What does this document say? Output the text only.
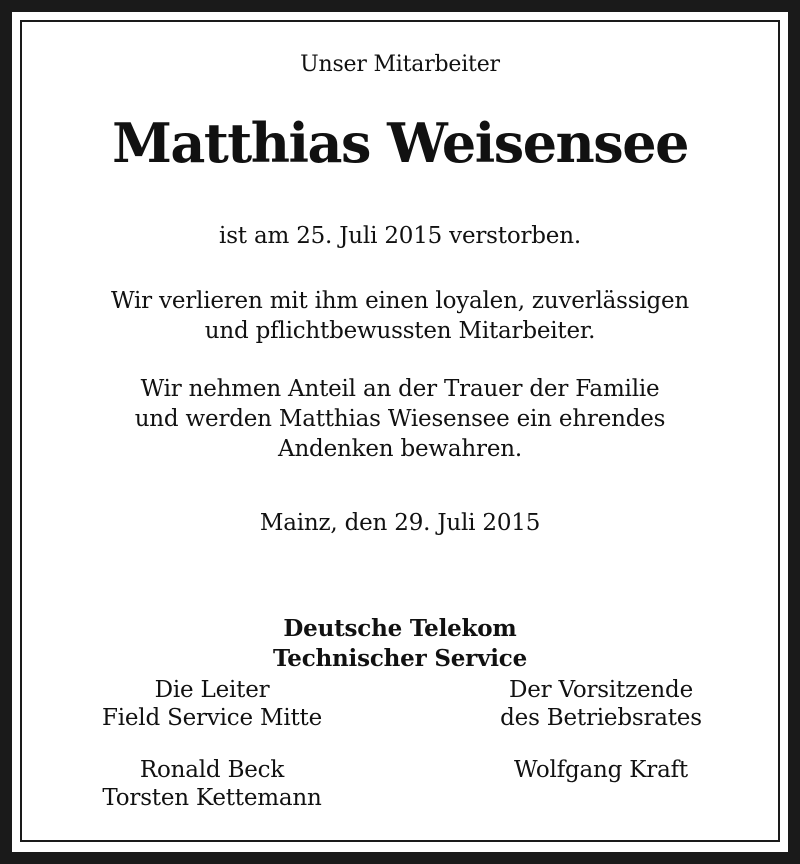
Unser Mitarbeiter
Matthias Weisensee
ist am 25. Juli 2015 verstorben.
Wir verlieren mit ihm einen loyalen, zuverlässigen
und pflichtbewussten Mitarbeiter.
Wir nehmen Anteil an der Trauer der Familie
und werden Matthias Wiesensee ein ehrendes
Andenken bewahren.
Mainz, den 29. Juli 2015
Deutsche Telekom
Technischer Service
Die Leiter
Field Service Mitte
Ronald Beck
Torsten Kettemann
Der Vorsitzende
des Betriebsrates
Wolfgang Kraft
